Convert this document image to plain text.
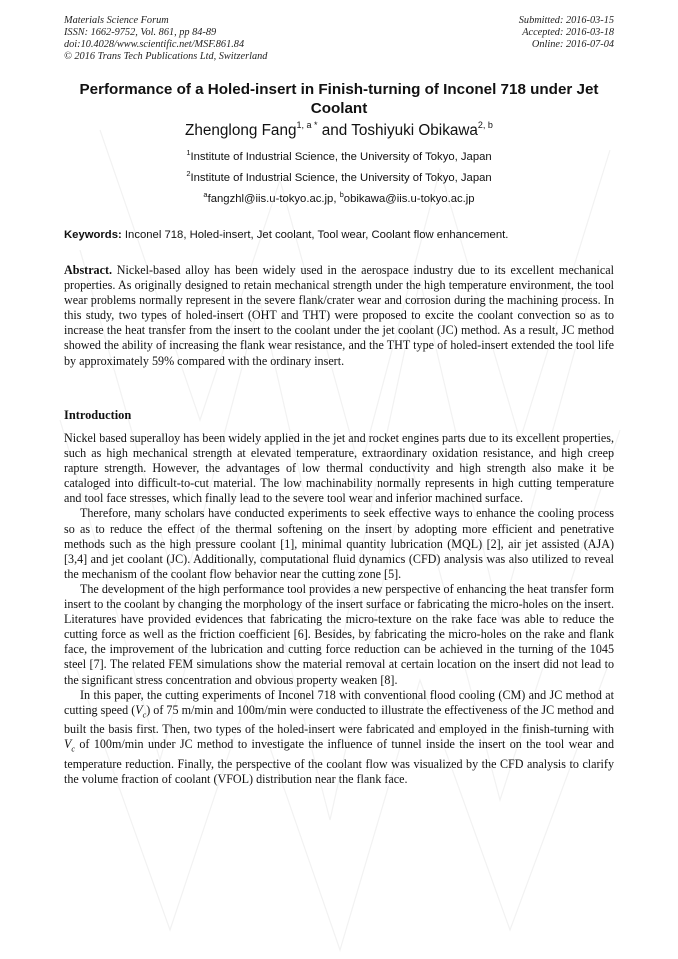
Materials Science Forum
ISSN: 1662-9752, Vol. 861, pp 84-89
doi:10.4028/www.scientific.net/MSF.861.84
© 2016 Trans Tech Publications Ltd, Switzerland
Submitted: 2016-03-15
Accepted: 2016-03-18
Online: 2016-07-04
Performance of a Holed-insert in Finish-turning of Inconel 718 under Jet Coolant
Zhenglong Fang$^{1, a *}$ and Toshiyuki Obikawa$^{2, b}$
$^1$Institute of Industrial Science, the University of Tokyo, Japan
$^2$Institute of Industrial Science, the University of Tokyo, Japan
$^a$fangzhl@iis.u-tokyo.ac.jp, $^b$obikawa@iis.u-tokyo.ac.jp
Keywords: Inconel 718, Holed-insert, Jet coolant, Tool wear, Coolant flow enhancement.
Abstract. Nickel-based alloy has been widely used in the aerospace industry due to its excellent mechanical properties. As originally designed to retain mechanical strength under the high temperature environment, the tool wear problems normally represent in the severe flank/crater wear and corrosion during the machining process. In this study, two types of holed-insert (OHT and THT) were proposed to excite the coolant convection so as to increase the heat transfer from the insert to the coolant under the jet coolant (JC) method. As a result, JC method showed the ability of increasing the flank wear resistance, and the THT type of holed-insert extended the tool life by approximately 59% compared with the ordinary insert.
Introduction

Nickel based superalloy has been widely applied in the jet and rocket engines parts due to its excellent properties, such as high mechanical strength at elevated temperature, extraordinary oxidation resistance, and high creep rapture strength. However, the advantages of low thermal conductivity and high strength also make it be cataloged into difficult-to-cut material. The low machinability normally represents in high cutting temperature and tool face stresses, which finally lead to the severe tool wear and inferior machined surface.

Therefore, many scholars have conducted experiments to seek effective ways to enhance the cooling process so as to reduce the effect of the thermal softening on the insert by adopting more efficient and penetrative methods such as the high pressure coolant [1], minimal quantity lubrication (MQL) [2], air jet assisted (AJA) [3,4] and jet coolant (JC). Additionally, computational fluid dynamics (CFD) analysis was also utilized to reveal the mechanism of the coolant flow behavior near the cutting zone [5].

The development of the high performance tool provides a new perspective of enhancing the heat transfer form insert to the coolant by changing the morphology of the insert surface or fabricating the micro-holes on the insert. Literatures have provided evidences that fabricating the micro-texture on the rake face was able to reduce the cutting force as well as the friction coefficient [6]. Besides, by fabricating the micro-holes on the rake and flank face, the improvement of the lubrication and cutting force reduction can be achieved in the turning of the 1045 steel [7]. The related FEM simulations show the material removal at certain location on the insert did not lead to the significant stress concentration and obvious property weaken [8].

In this paper, the cutting experiments of Inconel 718 with conventional flood cooling (CM) and JC method at cutting speed $(V_c)$ of 75 m/min and 100m/min were conducted to illustrate the effectiveness of the JC method and built the basis first. Then, two types of the holed-insert were fabricated and employed in the finish-turning with $V_c$ of 100m/min under JC method to investigate the influence of tunnel inside the insert on the tool wear and temperature reduction. Finally, the perspective of the coolant flow was visualized by the CFD analysis to clarify the volume fraction of coolant (VFOL) distribution near the flank face.
